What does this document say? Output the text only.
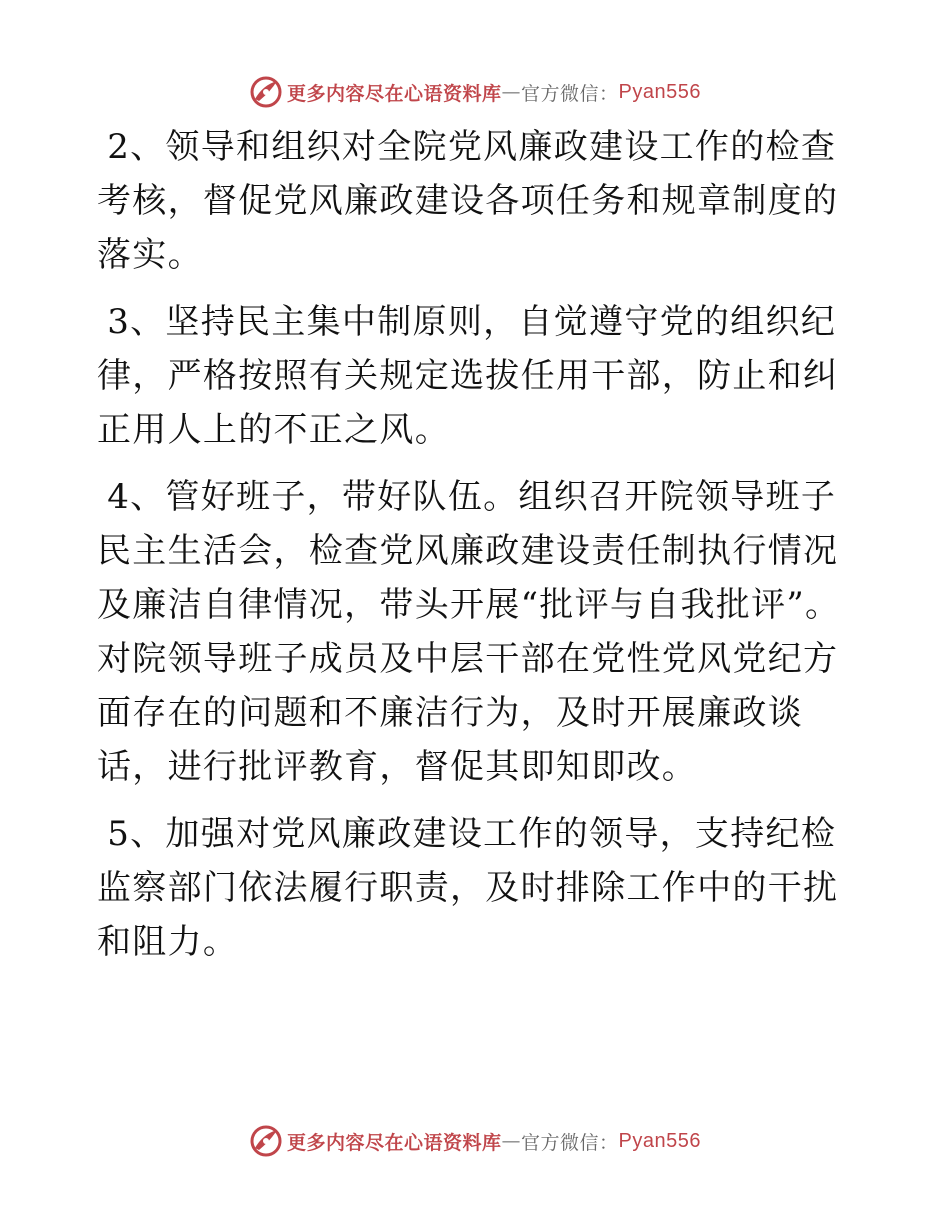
更多内容尽在心语资料库 — 官方微信： Pyan556

2、领导和组织对全院党风廉政建设工作的检查考核，督促党风廉政建设各项任务和规章制度的落实。

3、坚持民主集中制原则，自觉遵守党的组织纪律，严格按照有关规定选拔任用干部，防止和纠正用人上的不正之风。

4、管好班子，带好队伍。组织召开院领导班子民主生活会，检查党风廉政建设责任制执行情况及廉洁自律情况，带头开展“批评与自我批评”。对院领导班子成员及中层干部在党性党风党纪方面存在的问题和不廉洁行为，及时开展廉政谈话，进行批评教育，督促其即知即改。

5、加强对党风廉政建设工作的领导，支持纪检监察部门依法履行职责，及时排除工作中的干扰和阻力。

更多内容尽在心语资料库 — 官方微信： Pyan556
